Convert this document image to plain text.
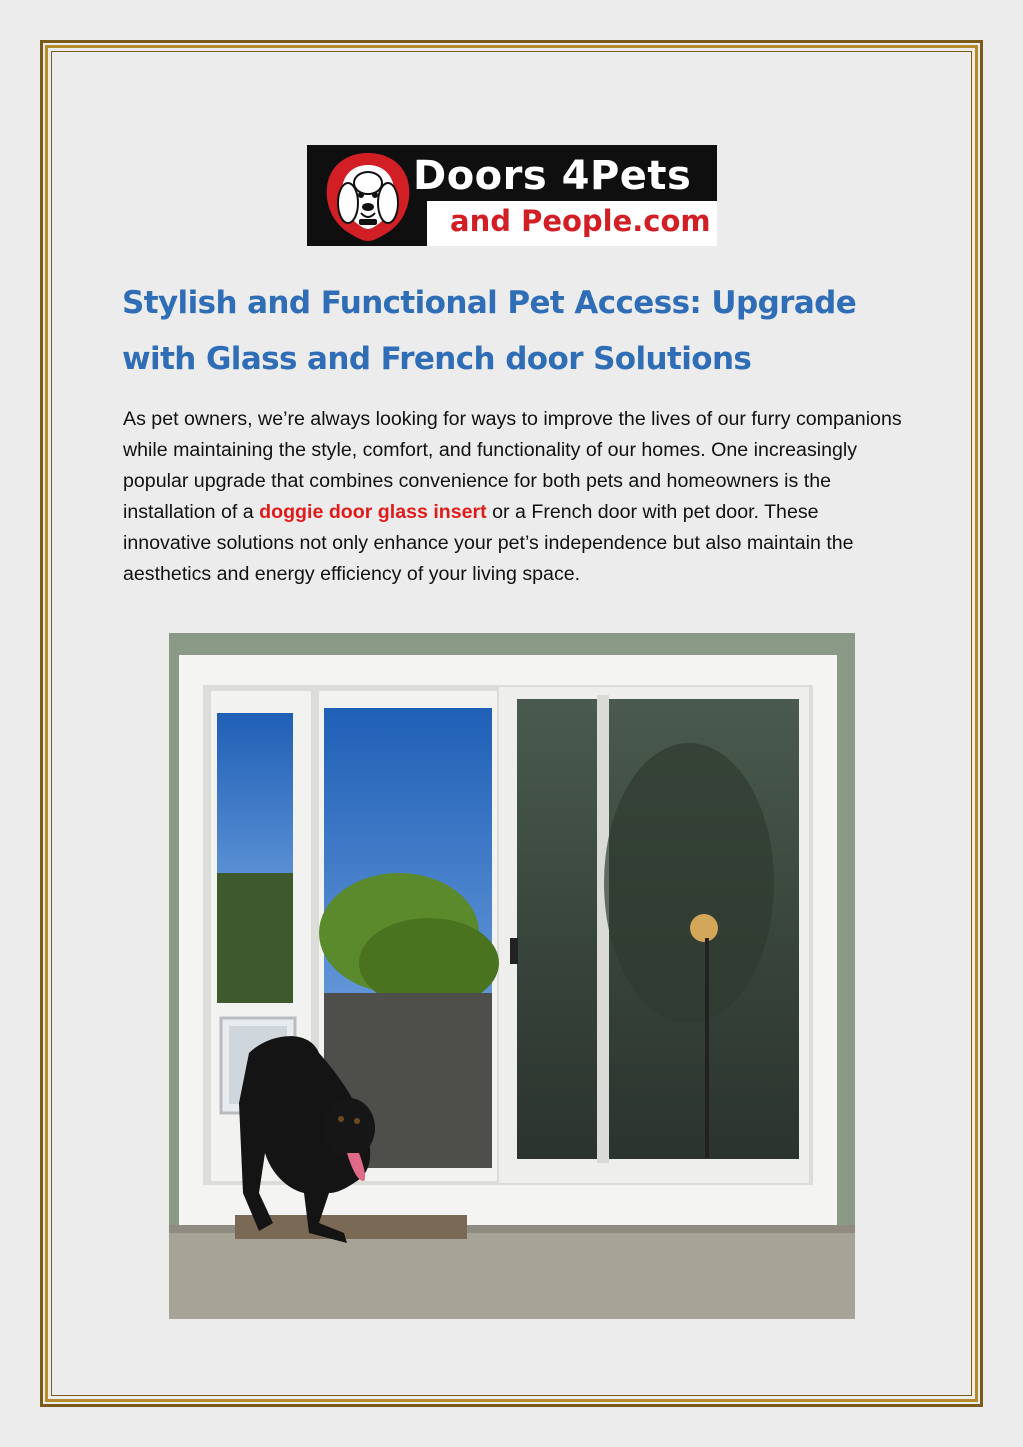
Doors 4Pets
and People.com
Stylish and Functional Pet Access: Upgrade with Glass and French door Solutions

As pet owners, we’re always looking for ways to improve the lives of our furry companions while maintaining the style, comfort, and functionality of our homes. One increasingly popular upgrade that combines convenience for both pets and homeowners is the installation of a doggie door glass insert or a French door with pet door. These innovative solutions not only enhance your pet’s independence but also maintain the aesthetics and energy efficiency of your living space.
